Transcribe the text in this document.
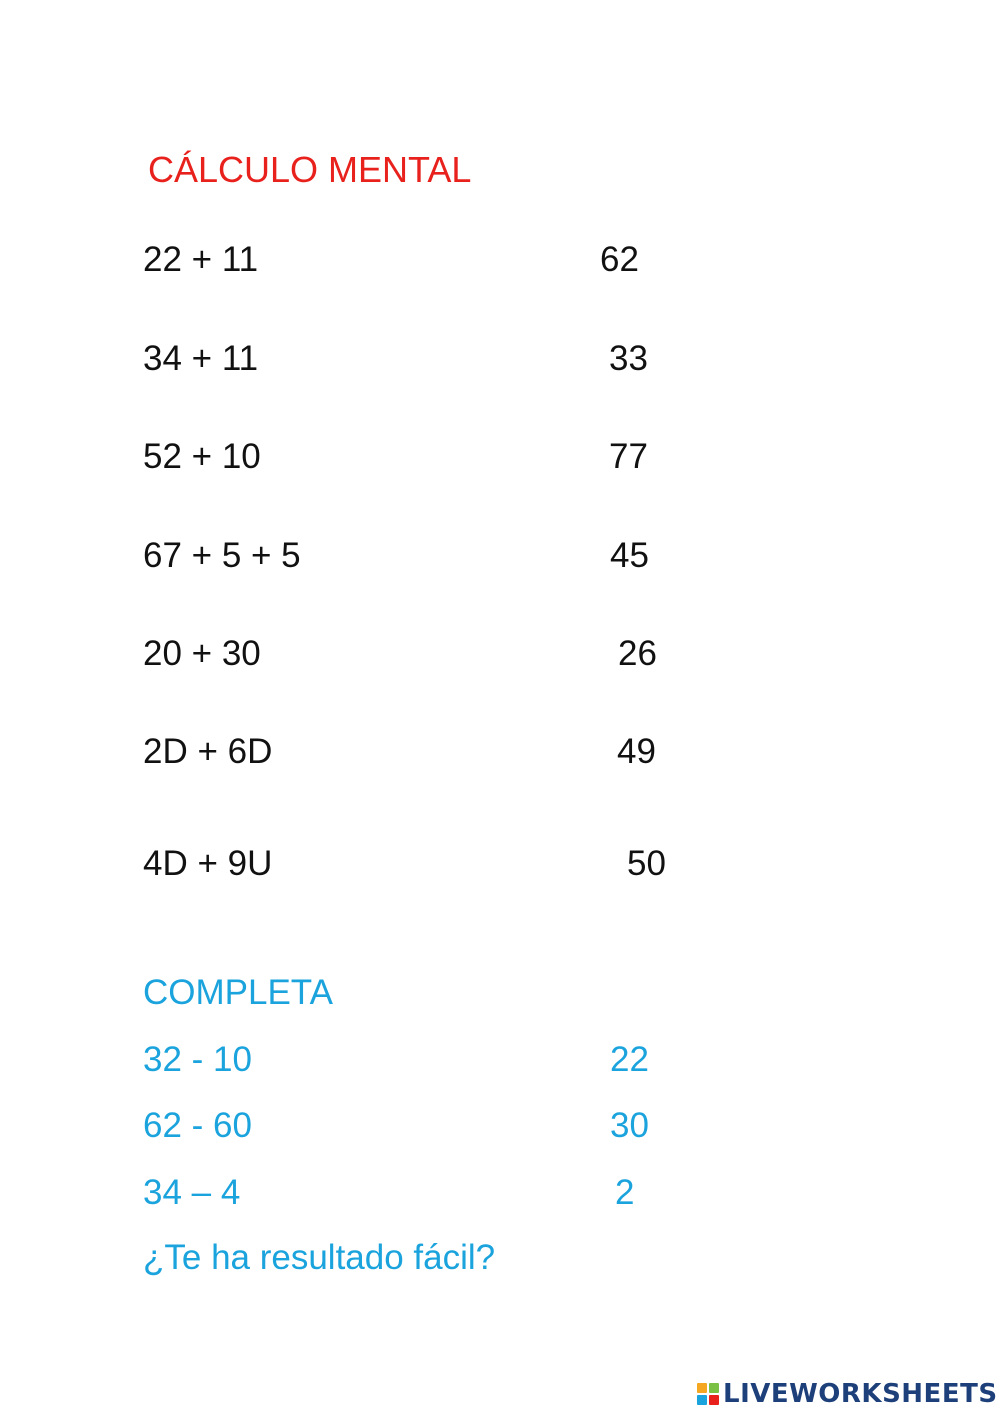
CÁLCULO MENTAL
22 + 11
34 + 11
52 + 10
67 + 5 + 5
20 + 30
2D + 6D
4D + 9U
62
33
77
45
26
49
50
COMPLETA
32 - 10
62 - 60
34 – 4
22
30
2
¿Te ha resultado fácil?
LIVEWORKSHEETS
